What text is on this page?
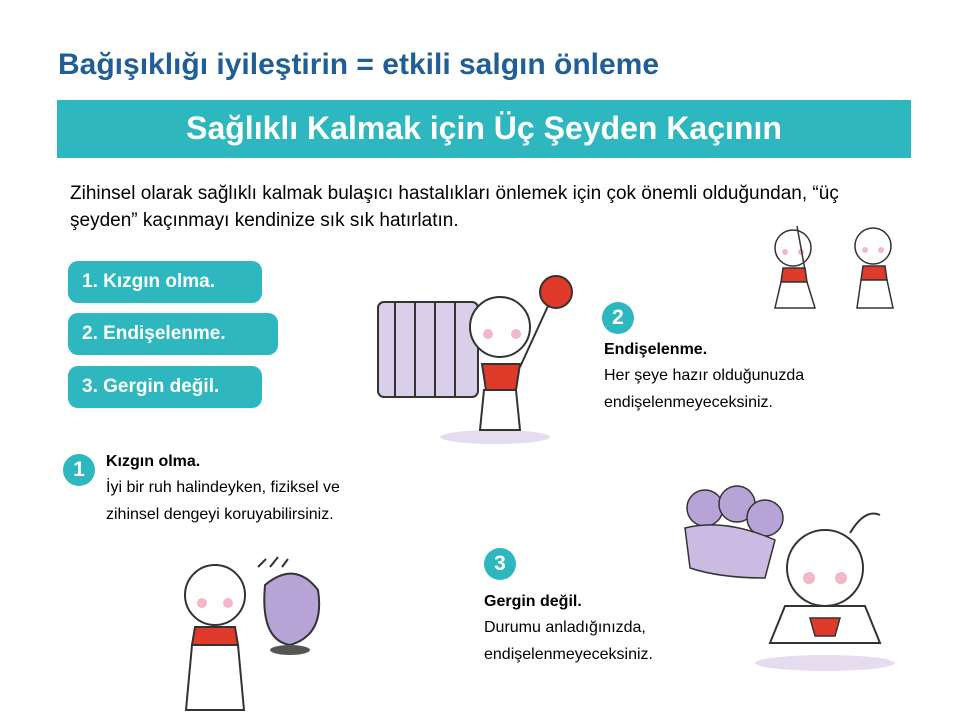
Bağışıklığı iyileştirin = etkili salgın önleme
Sağlıklı Kalmak için Üç Şeyden Kaçının
Zihinsel olarak sağlıklı kalmak bulaşıcı hastalıkları önlemek için çok önemli olduğundan, “üç şeyden” kaçınmayı kendinize sık sık hatırlatın.
1. Kızgın olma.
2. Endişelenme.
3. Gergin değil.
1	Kızgın olma.
İyi bir ruh halindeyken, fiziksel ve
zihinsel dengeyi koruyabilirsiniz.
2
Endişelenme.
Her şeye hazır olduğunuzda
endişelenmeyeceksiniz.
3
Gergin değil.
Durumu anladığınızda,
endişelenmeyeceksiniz.
